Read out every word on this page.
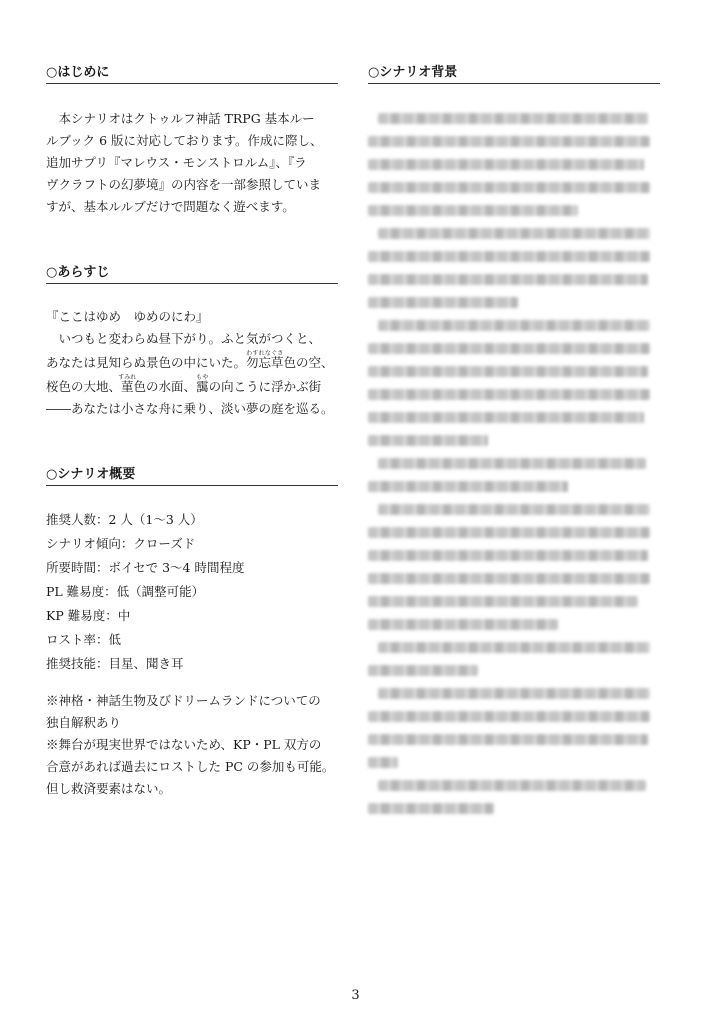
○はじめに

　本シナリオはクトゥルフ神話 TRPG 基本ルー

ルブック 6 版に対応しております。作成に際し、

追加サプリ『マレウス・モンストロルム』、『ラ

ヴクラフトの幻夢境』の内容を一部参照していま

すが、基本ルルブだけで問題なく遊べます。

○あらすじ

『ここはゆめ　ゆめのにわ』

　いつもと変わらぬ昼下がり。ふと気がつくと、

あなたは見知らぬ景色の中にいた。勿忘草わすれなぐさ色の空、

桜色の大地、菫すみれ色の水面、靄もやの向こうに浮かぶ街

――あなたは小さな舟に乗り、淡い夢の庭を巡る。

○シナリオ概要

推奨人数：2 人（1～3 人）

シナリオ傾向：クローズド

所要時間：ボイセで 3～4 時間程度

PL 難易度：低（調整可能）

KP 難易度：中

ロスト率：低

推奨技能：目星、聞き耳

※神格・神話生物及びドリームランドについての

独自解釈あり

※舞台が現実世界ではないため、KP・PL 双方の

合意があれば過去にロストした PC の参加も可能。

但し救済要素はない。

○シナリオ背景
3
